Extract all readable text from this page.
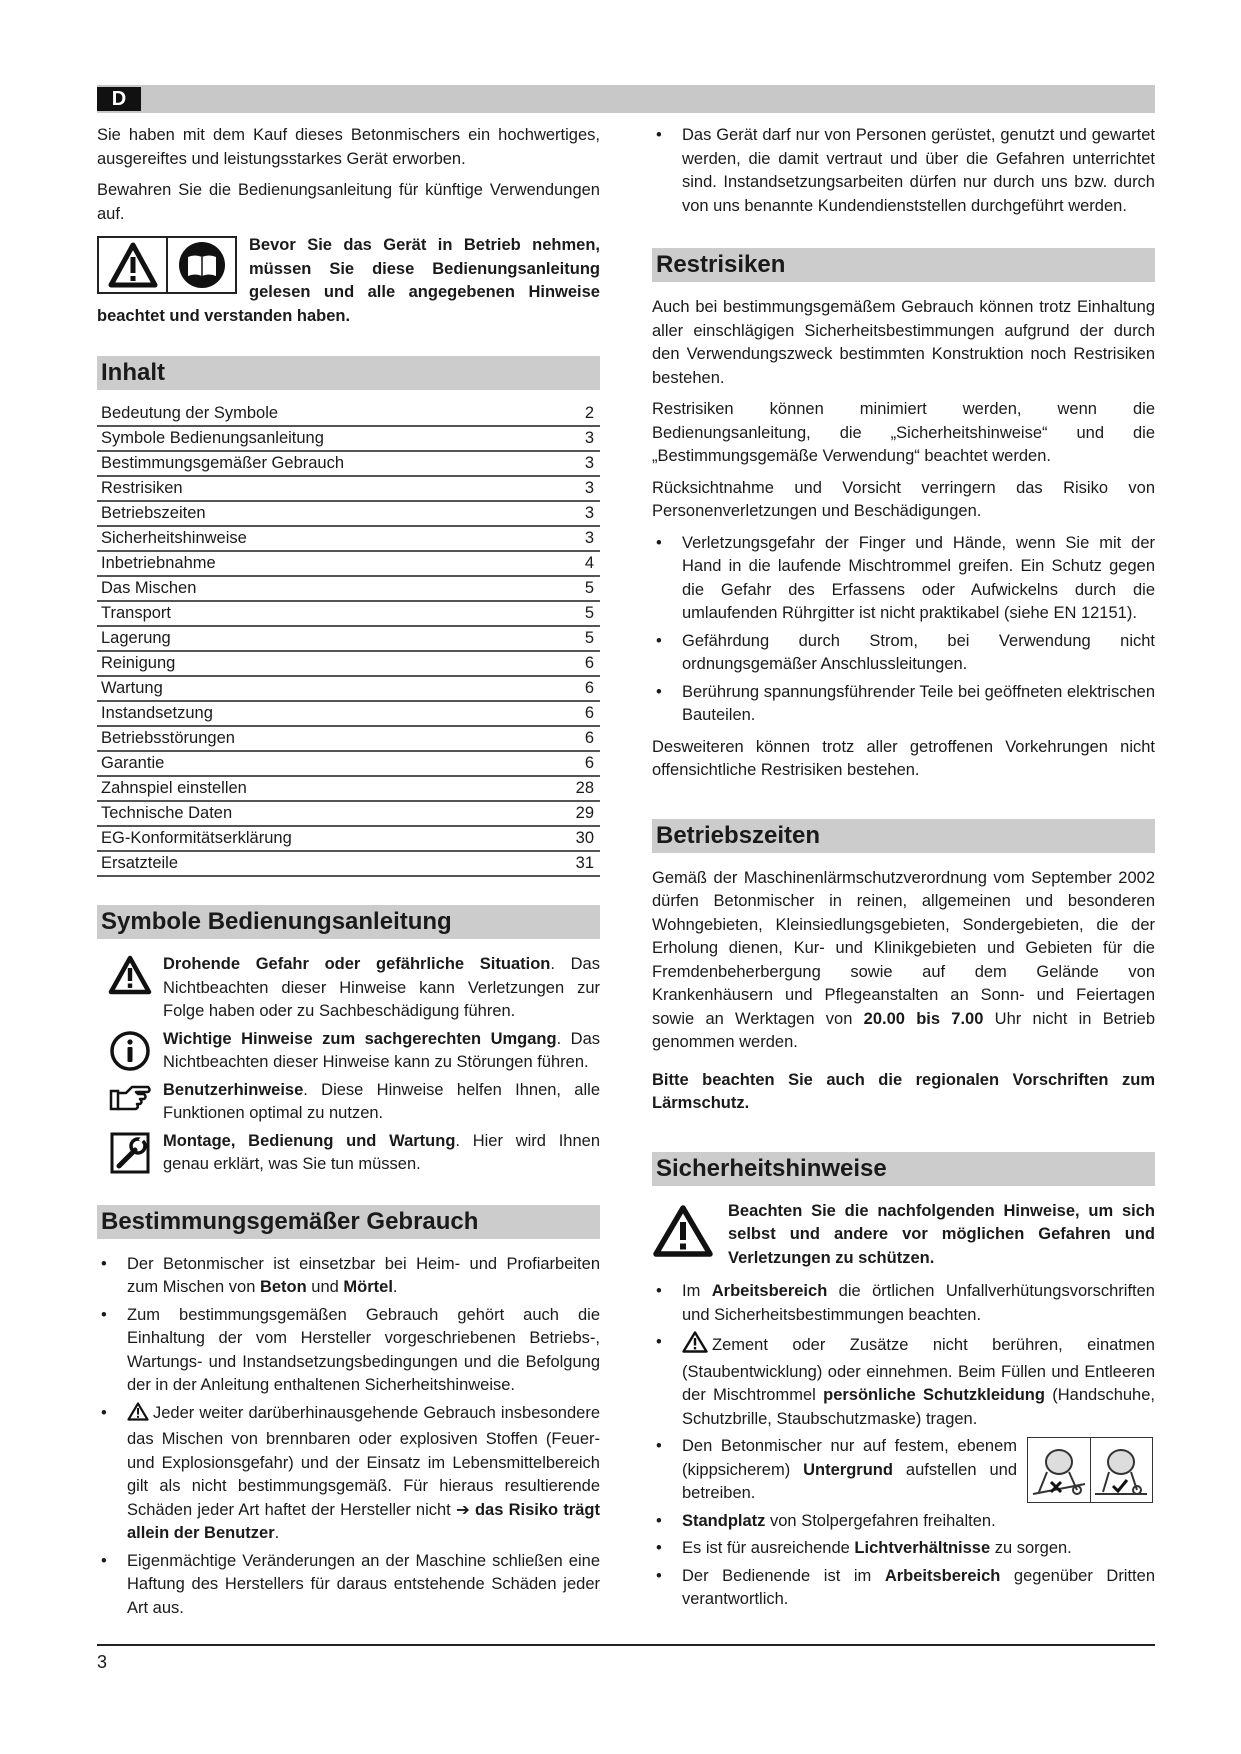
D

Sie haben mit dem Kauf dieses Betonmischers ein hochwertiges, ausgereiftes und leistungsstarkes Gerät erworben.

Bewahren Sie die Bedienungsanleitung für künftige Verwendungen auf.

Bevor Sie das Gerät in Betrieb nehmen, müssen Sie diese Bedienungsanleitung gelesen und alle angegebenen Hinweise beachtet und verstanden haben.

Inhalt
Bedeutung der Symbole	2
Symbole Bedienungsanleitung	3
Bestimmungsgemäßer Gebrauch	3
Restrisiken	3
Betriebszeiten	3
Sicherheitshinweise	3
Inbetriebnahme	4
Das Mischen	5
Transport	5
Lagerung	5
Reinigung	6
Wartung	6
Instandsetzung	6
Betriebsstörungen	6
Garantie	6
Zahnspiel einstellen	28
Technische Daten	29
EG-Konformitätserklärung	30
Ersatzteile	31
Symbole Bedienungsanleitung
Drohende Gefahr oder gefährliche Situation. Das Nichtbeachten dieser Hinweise kann Verletzungen zur Folge haben oder zu Sachbeschädigung führen.
Wichtige Hinweise zum sachgerechten Umgang. Das Nichtbeachten dieser Hinweise kann zu Störungen führen.
Benutzerhinweise. Diese Hinweise helfen Ihnen, alle Funktionen optimal zu nutzen.
Montage, Bedienung und Wartung. Hier wird Ihnen genau erklärt, was Sie tun müssen.
Bestimmungsgemäßer Gebrauch
• Der Betonmischer ist einsetzbar bei Heim- und Profiarbeiten zum Mischen von Beton und Mörtel.
• Zum bestimmungsgemäßen Gebrauch gehört auch die Einhaltung der vom Hersteller vorgeschriebenen Betriebs-, Wartungs- und Instandsetzungsbedingungen und die Befolgung der in der Anleitung enthaltenen Sicherheitshinweise.
• Jeder weiter darüberhinausgehende Gebrauch insbesondere das Mischen von brennbaren oder explosiven Stoffen (Feuer- und Explosionsgefahr) und der Einsatz im Lebensmittelbereich gilt als nicht bestimmungsgemäß. Für hieraus resultierende Schäden jeder Art haftet der Hersteller nicht ➔ das Risiko trägt allein der Benutzer.
• Eigenmächtige Veränderungen an der Maschine schließen eine Haftung des Herstellers für daraus entstehende Schäden jeder Art aus.
• Das Gerät darf nur von Personen gerüstet, genutzt und gewartet werden, die damit vertraut und über die Gefahren unterrichtet sind. Instandsetzungsarbeiten dürfen nur durch uns bzw. durch von uns benannte Kundendienststellen durchgeführt werden.
Restrisiken

Auch bei bestimmungsgemäßem Gebrauch können trotz Einhaltung aller einschlägigen Sicherheitsbestimmungen aufgrund der durch den Verwendungszweck bestimmten Konstruktion noch Restrisiken bestehen.

Restrisiken können minimiert werden, wenn die Bedienungsanleitung, die „Sicherheitshinweise“ und die „Bestimmungsgemäße Verwendung“ beachtet werden.

Rücksichtnahme und Vorsicht verringern das Risiko von Personenverletzungen und Beschädigungen.

• Verletzungsgefahr der Finger und Hände, wenn Sie mit der Hand in die laufende Mischtrommel greifen. Ein Schutz gegen die Gefahr des Erfassens oder Aufwickelns durch die umlaufenden Rührgitter ist nicht praktikabel (siehe EN 12151).
• Gefährdung durch Strom, bei Verwendung nicht ordnungsgemäßer Anschlussleitungen.
• Berührung spannungsführender Teile bei geöffneten elektrischen Bauteilen.

Desweiteren können trotz aller getroffenen Vorkehrungen nicht offensichtliche Restrisiken bestehen.

Betriebszeiten

Gemäß der Maschinenlärmschutzverordnung vom September 2002 dürfen Betonmischer in reinen, allgemeinen und besonderen Wohngebieten, Kleinsiedlungsgebieten, Sondergebieten, die der Erholung dienen, Kur- und Klinikgebieten und Gebieten für die Fremdenbeherbergung sowie auf dem Gelände von Krankenhäusern und Pflegeanstalten an Sonn- und Feiertagen sowie an Werktagen von 20.00 bis 7.00 Uhr nicht in Betrieb genommen werden.

Bitte beachten Sie auch die regionalen Vorschriften zum Lärmschutz.

Sicherheitshinweise

Beachten Sie die nachfolgenden Hinweise, um sich selbst und andere vor möglichen Gefahren und Verletzungen zu schützen.

• Im Arbeitsbereich die örtlichen Unfallverhütungsvorschriften und Sicherheitsbestimmungen beachten.
• Zement oder Zusätze nicht berühren, einatmen (Staubentwicklung) oder einnehmen. Beim Füllen und Entleeren der Mischtrommel persönliche Schutzkleidung (Handschuhe, Schutzbrille, Staubschutzmaske) tragen.
• Den Betonmischer nur auf festem, ebenem (kippsicherem) Untergrund aufstellen und betreiben.
• Standplatz von Stolpergefahren freihalten.
• Es ist für ausreichende Lichtverhältnisse zu sorgen.
• Der Bedienende ist im Arbeitsbereich gegenüber Dritten verantwortlich.
3
